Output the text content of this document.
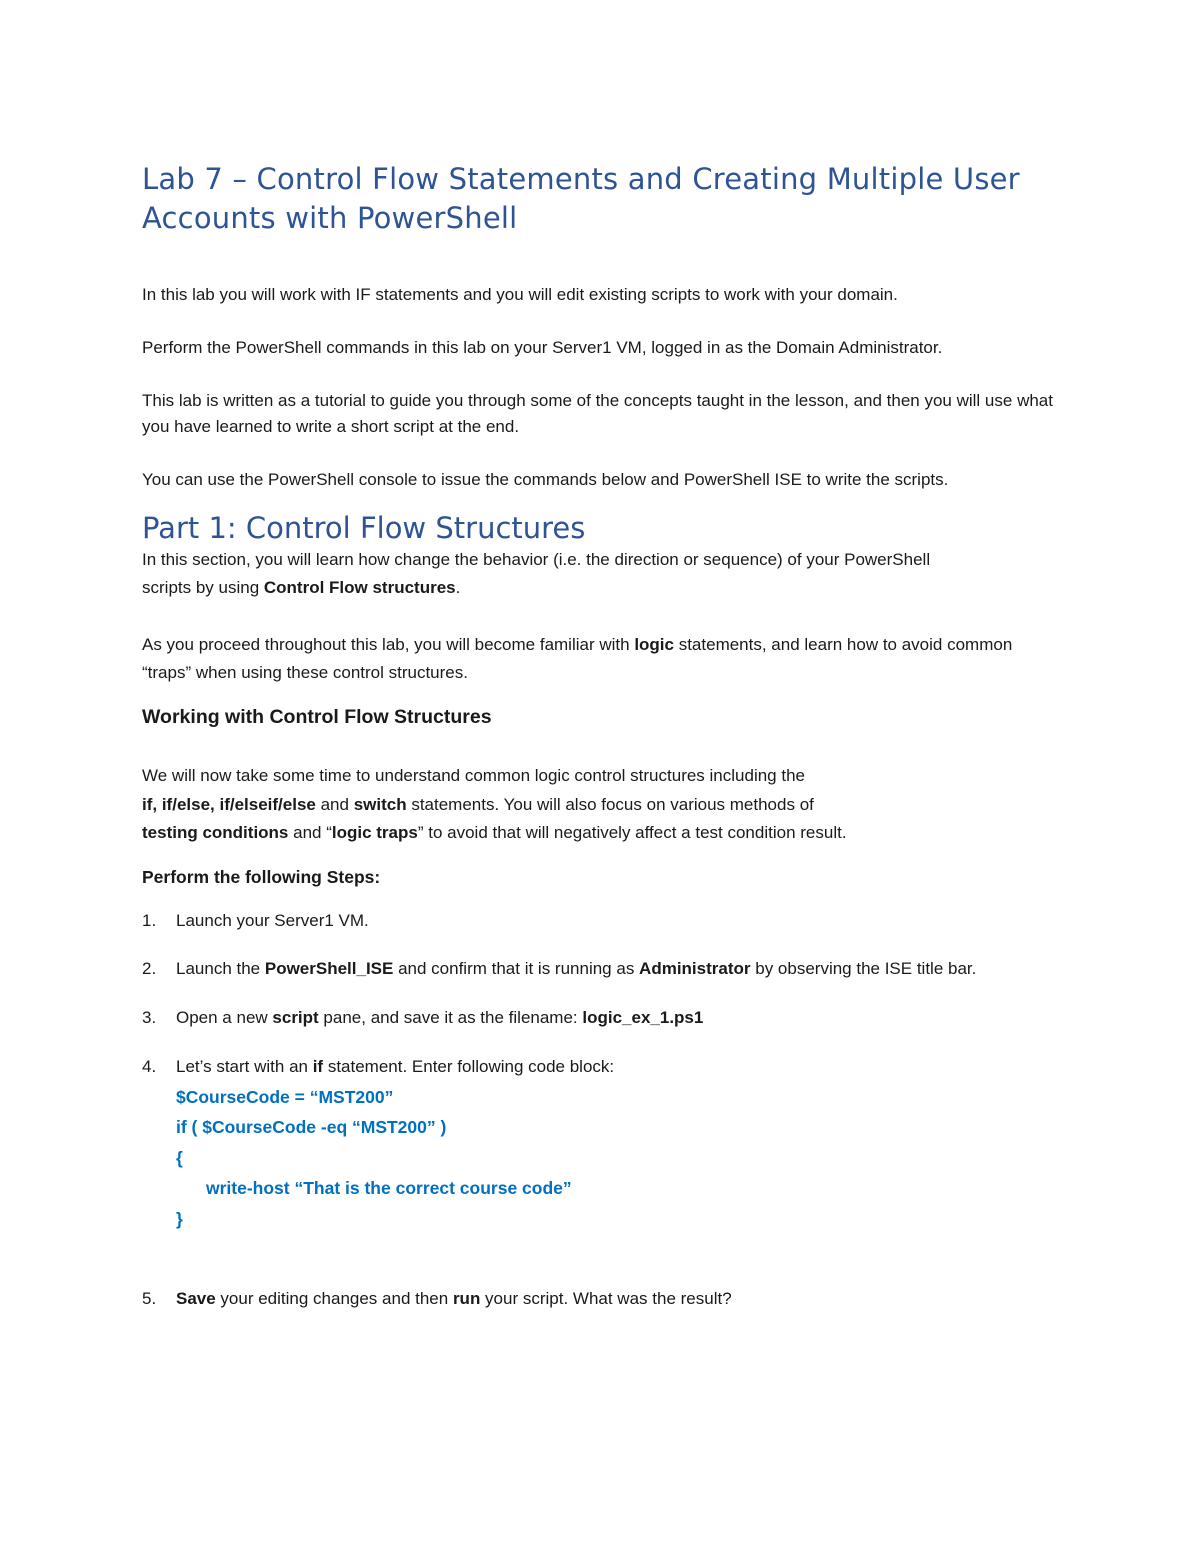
Lab 7 – Control Flow Statements and Creating Multiple User Accounts with PowerShell

In this lab you will work with IF statements and you will edit existing scripts to work with your domain.

Perform the PowerShell commands in this lab on your Server1 VM, logged in as the Domain Administrator.

This lab is written as a tutorial to guide you through some of the concepts taught in the lesson, and then you will use what you have learned to write a short script at the end.

You can use the PowerShell console to issue the commands below and PowerShell ISE to write the scripts.

Part 1: Control Flow Structures

In this section, you will learn how change the behavior (i.e. the direction or sequence) of your PowerShell scripts by using Control Flow structures.

As you proceed throughout this lab, you will become familiar with logic statements, and learn how to avoid common “traps” when using these control structures.

Working with Control Flow Structures

We will now take some time to understand common logic control structures including the
if, if/else, if/elseif/else and switch statements. You will also focus on various methods of
testing conditions and “logic traps” to avoid that will negatively affect a test condition result.

Perform the following Steps:
1. Launch your Server1 VM.
2. Launch the PowerShell_ISE and confirm that it is running as Administrator by observing the ISE title bar.
3. Open a new script pane, and save it as the filename: logic_ex_1.ps1
4. Let’s start with an if statement. Enter following code block:
$CourseCode = “MST200”
if ( $CourseCode -eq “MST200” )
{
write-host “That is the correct course code”
}
5. Save your editing changes and then run your script. What was the result?
